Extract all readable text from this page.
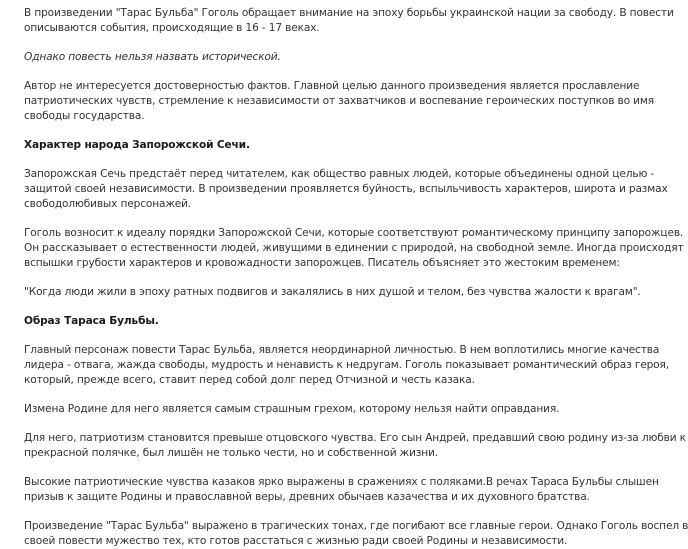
В произведении "Тарас Бульба" Гоголь обращает внимание на эпоху борьбы украинской нации за свободу. В повести
описываются события, происходящие в 16 - 17 веках.

Однако повесть нельзя назвать исторической.

Автор не интересуется достоверностью фактов. Главной целью данного произведения является прославление
патриотических чувств, стремление к независимости от захватчиков и воспевание героических поступков во имя
свободы государства.

Характер народа Запорожской Сечи.

Запорожская Сечь предстаёт перед читателем, как общество равных людей, которые объединены одной целью -
защитой своей независимости. В произведении проявляется буйность, вспыльчивость характеров, широта и размах
свободолюбивых персонажей.

Гоголь возносит к идеалу порядки Запорожской Сечи, которые соответствуют романтическому принципу запорожцев.
Он рассказывает о естественности людей, живущими в единении с природой, на свободной земле. Иногда происходят
вспышки грубости характеров и кровожадности запорожцев. Писатель объясняет это жестоким временем:

"Когда люди жили в эпоху ратных подвигов и закалялись в них душой и телом, без чувства жалости к врагам".

Образ Тараса Бульбы.

Главный персонаж повести Тарас Бульба, является неординарной личностью. В нем воплотились многие качества
лидера - отвага, жажда свободы, мудрость и ненависть к недругам. Гоголь показывает романтический образ героя,
который, прежде всего, ставит перед собой долг перед Отчизной и честь казака.

Измена Родине для него является самым страшным грехом, которому нельзя найти оправдания.

Для него, патриотизм становится превыше отцовского чувства. Его сын Андрей, предавший свою родину из-за любви к
прекрасной полячке, был лишён не только чести, но и собственной жизни.

Высокие патриотические чувства казаков ярко выражены в сражениях с поляками.В речах Тараса Бульбы слышен
призыв к защите Родины и православной веры, древних обычаев казачества и их духовного братства.

Произведение "Тарас Бульба" выражено в трагических тонах, где погибают все главные герои. Однако Гоголь воспел в
своей повести мужество тех, кто готов расстаться с жизнью ради своей Родины и независимости.
